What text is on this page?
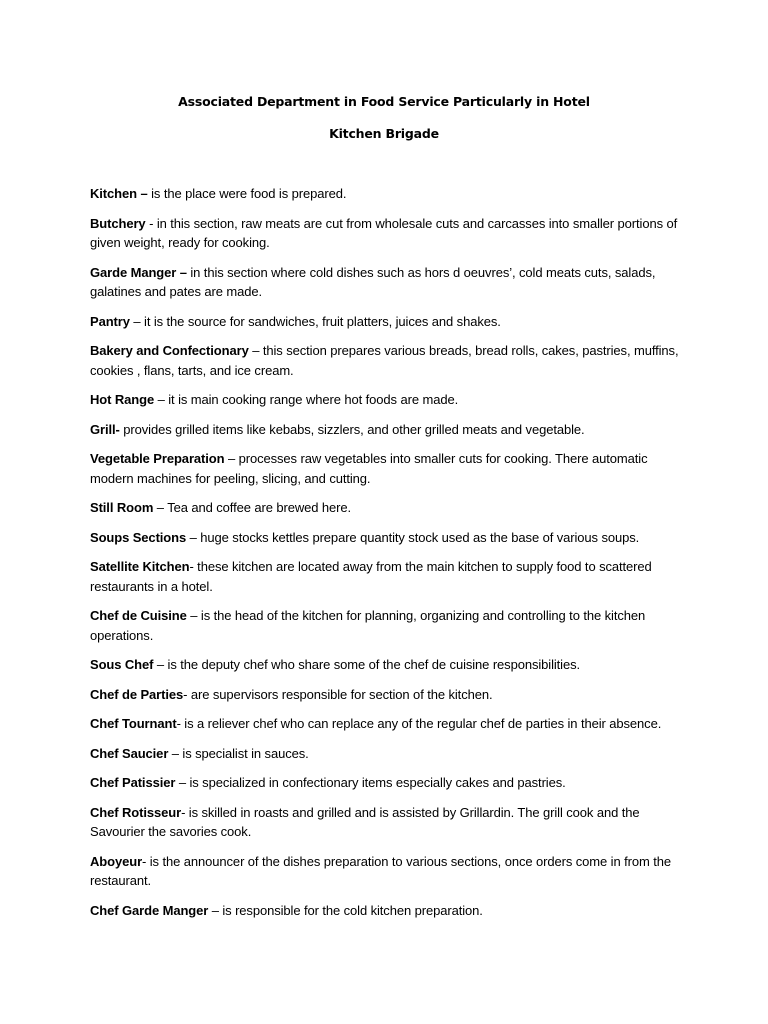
Associated Department in Food Service Particularly in Hotel
Kitchen Brigade
Kitchen – is the place were food is prepared.
Butchery - in this section, raw meats are cut from wholesale cuts and carcasses into smaller portions of given weight, ready for cooking.
Garde Manger – in this section where cold dishes such as hors d oeuvres’, cold meats cuts, salads, galatines and pates are made.
Pantry – it is the source for sandwiches, fruit platters, juices and shakes.
Bakery and Confectionary – this section prepares various breads, bread rolls, cakes, pastries, muffins, cookies , flans, tarts, and ice cream.
Hot Range – it is main cooking range where hot foods are made.
Grill- provides grilled items like kebabs, sizzlers, and other grilled meats and vegetable.
Vegetable Preparation – processes raw vegetables into smaller cuts for cooking. There automatic modern machines for peeling, slicing, and cutting.
Still Room – Tea and coffee are brewed here.
Soups Sections – huge stocks kettles prepare quantity stock used as the base of various soups.
Satellite Kitchen- these kitchen are located away from the main kitchen to supply food to scattered restaurants in a hotel.
Chef de Cuisine – is the head of the kitchen for planning, organizing and controlling to the kitchen operations.
Sous Chef – is the deputy chef who share some of the chef de cuisine responsibilities.
Chef de Parties- are supervisors responsible for section of the kitchen.
Chef Tournant- is a reliever chef who can replace any of the regular chef de parties in their absence.
Chef Saucier – is specialist in sauces.
Chef Patissier – is specialized in confectionary items especially cakes and pastries.
Chef Rotisseur- is skilled in roasts and grilled and is assisted by Grillardin. The grill cook and the Savourier the savories cook.
Aboyeur- is the announcer of the dishes preparation to various sections, once orders come in from the restaurant.
Chef Garde Manger – is responsible for the cold kitchen preparation.
